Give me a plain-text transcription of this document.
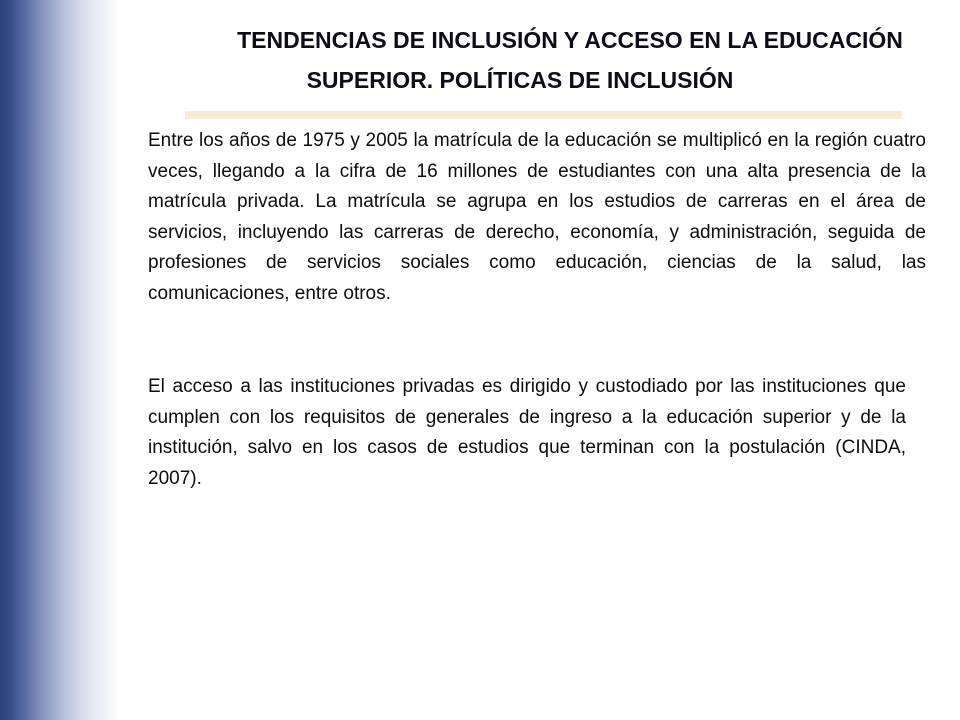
TENDENCIAS DE INCLUSIÓN Y ACCESO EN LA EDUCACIÓN
SUPERIOR. POLÍTICAS DE INCLUSIÓN

Entre los años de 1975 y 2005 la matrícula de la educación se multiplicó en la región cuatro veces, llegando a la cifra de 16 millones de estudiantes con una alta presencia de la matrícula privada. La matrícula se agrupa en los estudios de carreras en el área de servicios, incluyendo las carreras de derecho, economía, y administración, seguida de profesiones de servicios sociales como educación, ciencias de la salud, las comunicaciones, entre otros.

El acceso a las instituciones privadas es dirigido y custodiado por las instituciones que cumplen con los requisitos de generales de ingreso a la educación superior y de la institución, salvo en los casos de estudios que terminan con la postulación (CINDA, 2007).
